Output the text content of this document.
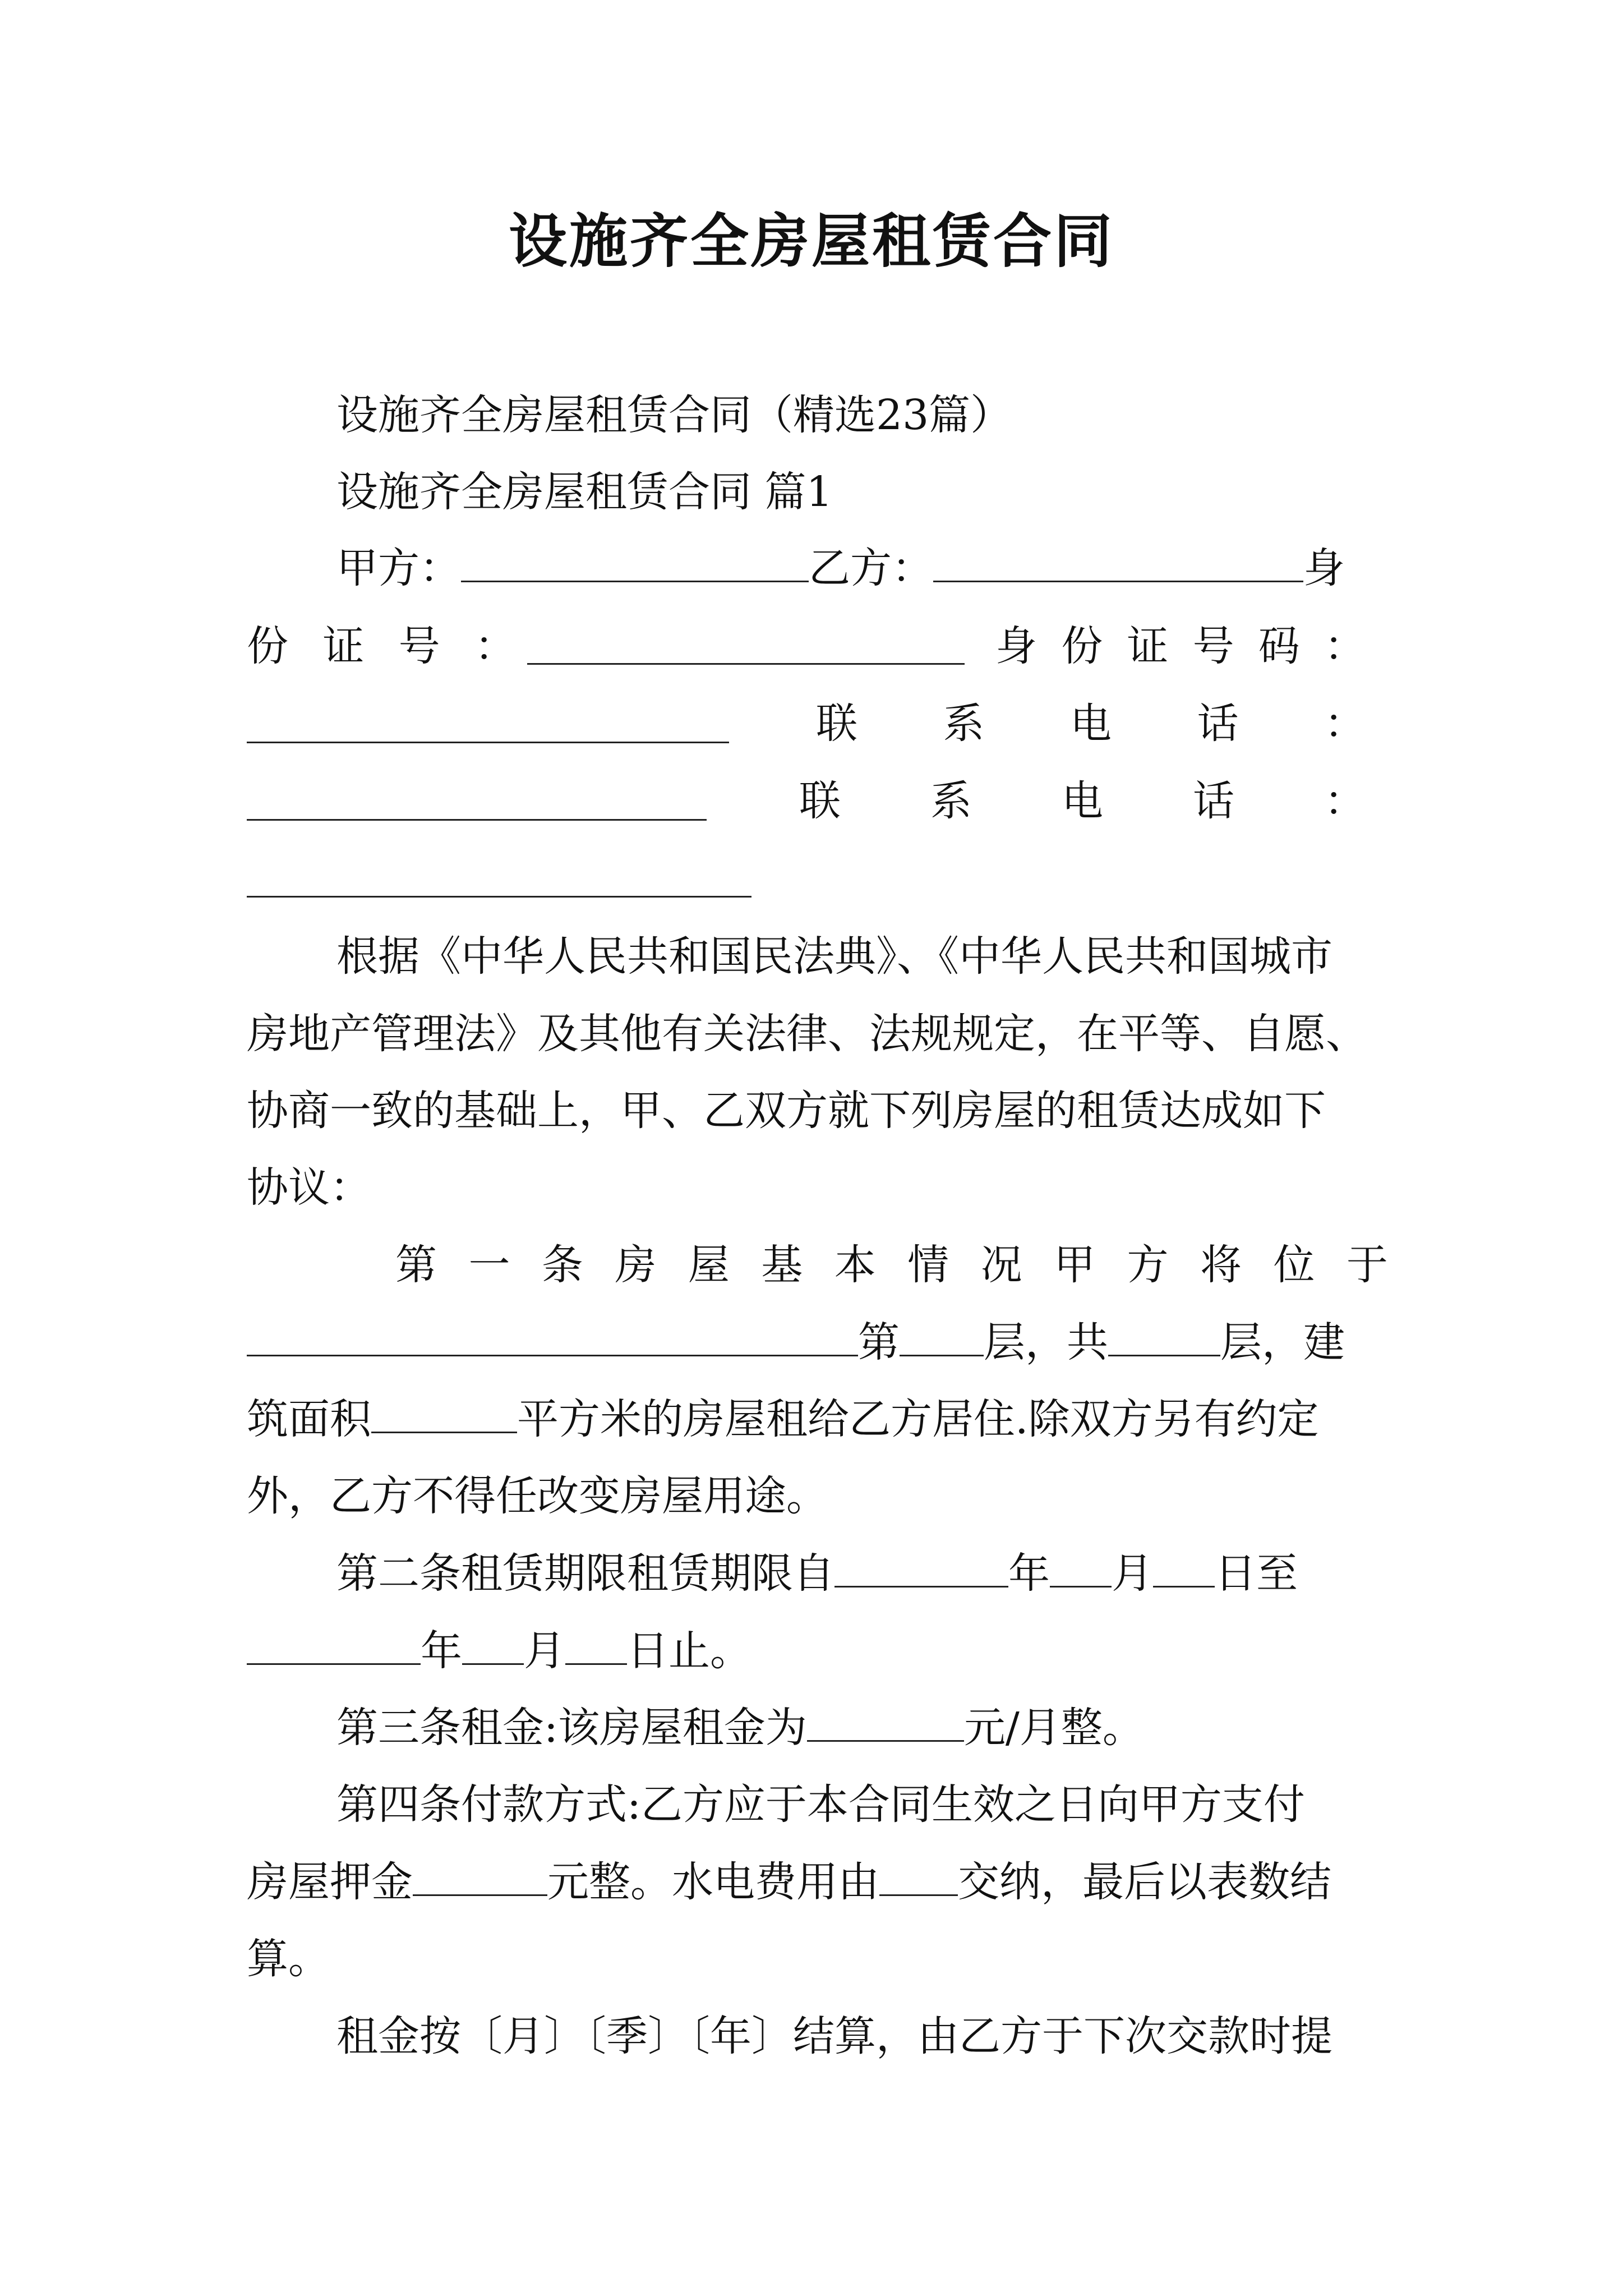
设施齐全房屋租赁合同
设施齐全房屋租赁合同（精选23篇）
设施齐全房屋租赁合同 篇1
甲方：	乙方：	身
份 证 号 ：	身 份 证 号 码 ：
联 系 电 话 ：
联 系 电 话 ：
根据《中华人民共和国民法典》、《中华人民共和国城市
房地产管理法》及其他有关法律、法规规定，在平等、自愿、
协商一致的基础上，甲、乙双方就下列房屋的租赁达成如下
协议：
第 一 条 房 屋 基 本 情 况 甲 方 将 位 于
第 层，共	层，建
筑面积	平方米的房屋租给乙方居住.除双方另有约定
外，乙方不得任改变房屋用途。
第二条租赁期限租赁期限自	年 月 日至
年 月 日止。
第三条租金:该房屋租金为	元/月整。
第四条付款方式:乙方应于本合同生效之日向甲方支付
房屋押金	元整。水电费用由 交纳，最后以表数结
算。
租金按〔月〕〔季〕〔年〕结算，由乙方于下次交款时提
